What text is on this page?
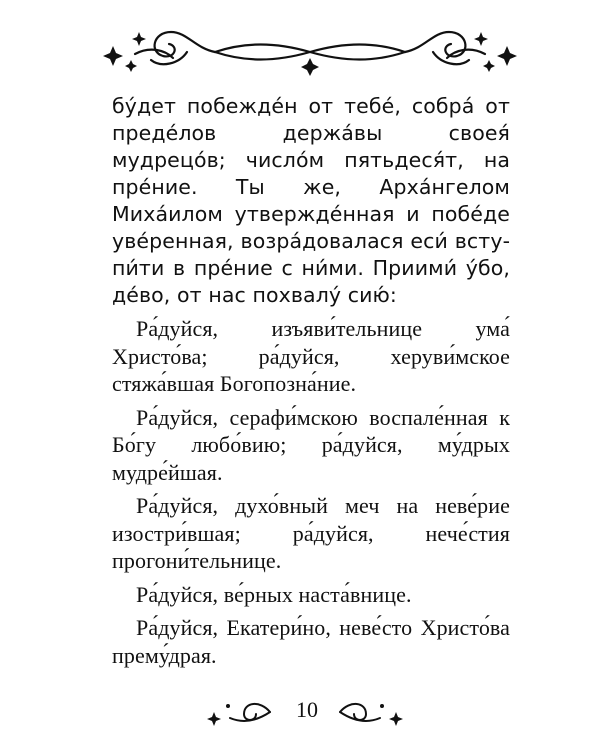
бу́дет побежде́н от тебе́, собра́ от преде́лов держа́вы своея́ мудрецо́в; число́м пятьдеся́т, на пре́ние. Ты же, Арха́нгелом Миха́илом утвержде́нная и побе́де уве́ренная, возра́довалася еси́ вступи́ти в пре́ние с ни́ми. Приими́ у́бо, де́во, от нас похвалу́ сию́:

Ра́дуйся, изъяви́тельнице ума́ Христо́ва; ра́дуйся, херуви́мское стяжа́вшая Богопозна́ние.

Ра́дуйся, серафи́мскою воспале́нная к Бо́гу любо́вию; ра́дуйся, му́дрых мудре́йшая.

Ра́дуйся, духо́вный меч на неве́рие изостри́вшая; ра́дуйся, нече́стия прогони́тельнице.

Ра́дуйся, ве́рных наста́внице.

Ра́дуйся, Екатери́но, неве́сто Христо́ва прему́драя.

10
